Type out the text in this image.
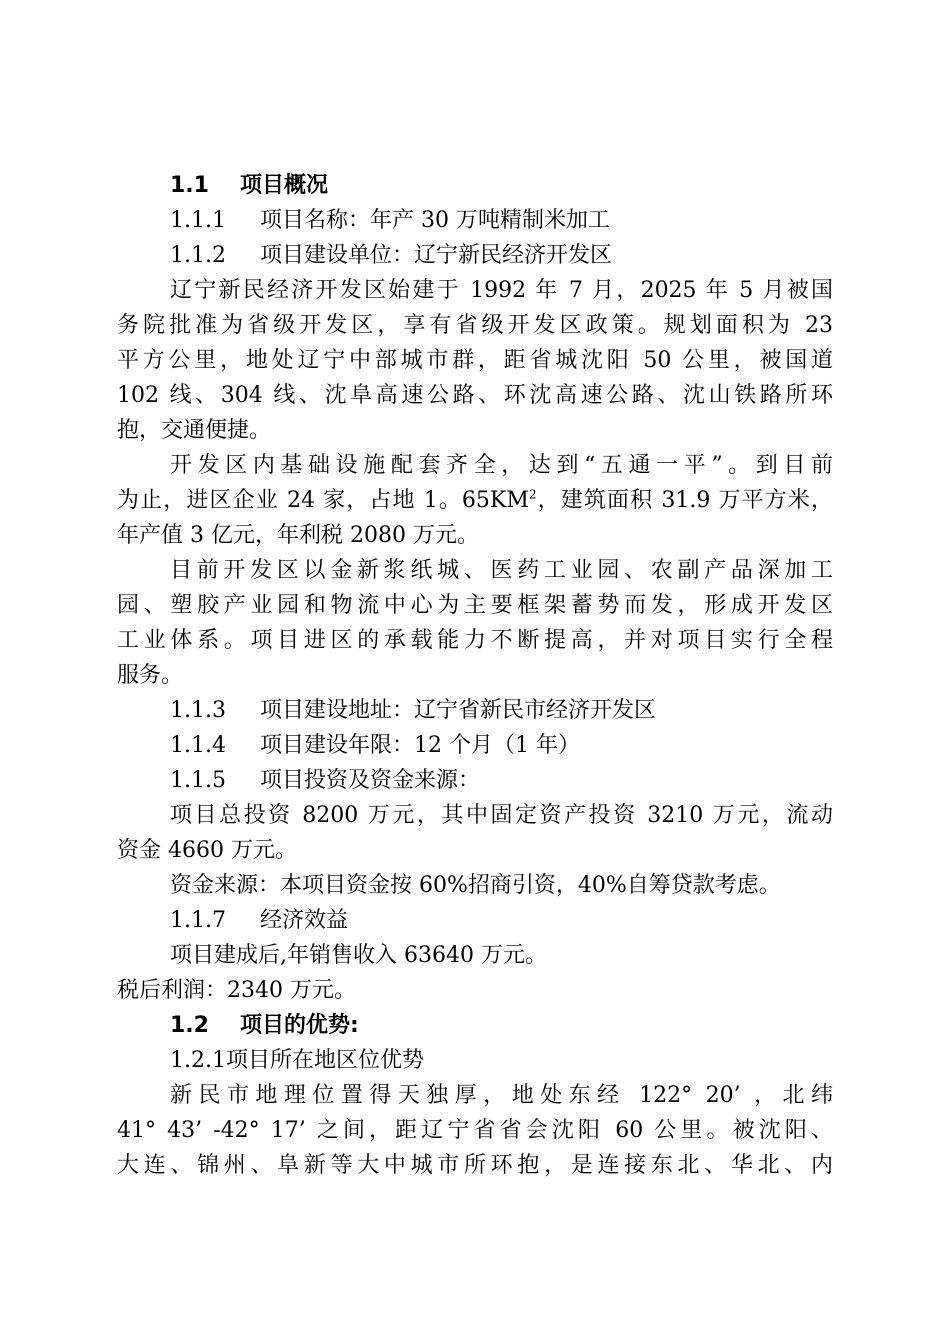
1.1 项目概况
1.1.1 项目名称：年产 30 万吨精制米加工
1.1.2 项目建设单位：辽宁新民经济开发区
辽宁新民经济开发区始建于 1992 年 7 月，2025 年 5 月被国
务院批准为省级开发区，享有省级开发区政策。规划面积为 23
平方公里，地处辽宁中部城市群，距省城沈阳 50 公里，被国道
102 线、304 线、沈阜高速公路、环沈高速公路、沈山铁路所环
抱，交通便捷。
开发区内基础设施配套齐全，达到“五通一平”。到目前
为止，进区企业 24 家，占地 1。$65KM^2$，建筑面积 31.9 万平方米，
年产值 3 亿元，年利税 2080 万元。
目前开发区以金新浆纸城、医药工业园、农副产品深加工
园、塑胶产业园和物流中心为主要框架蓄势而发，形成开发区
工业体系。项目进区的承载能力不断提高，并对项目实行全程
服务。
1.1.3 项目建设地址：辽宁省新民市经济开发区
1.1.4 项目建设年限：12 个月（1 年）
1.1.5 项目投资及资金来源：
项目总投资 8200 万元，其中固定资产投资 3210 万元，流动
资金 4660 万元。
资金来源：本项目资金按 60%招商引资，40%自筹贷款考虑。
1.1.7 经济效益
项目建成后,年销售收入 63640 万元。
税后利润：2340 万元。
1.2 项目的优势:
1.2.1项目所在地区位优势
新民市地理位置得天独厚，地处东经 122° 20’ ，北纬
41° 43’ -42° 17’ 之间，距辽宁省省会沈阳 60 公里。被沈阳、
大连、锦州、阜新等大中城市所环抱，是连接东北、华北、内
